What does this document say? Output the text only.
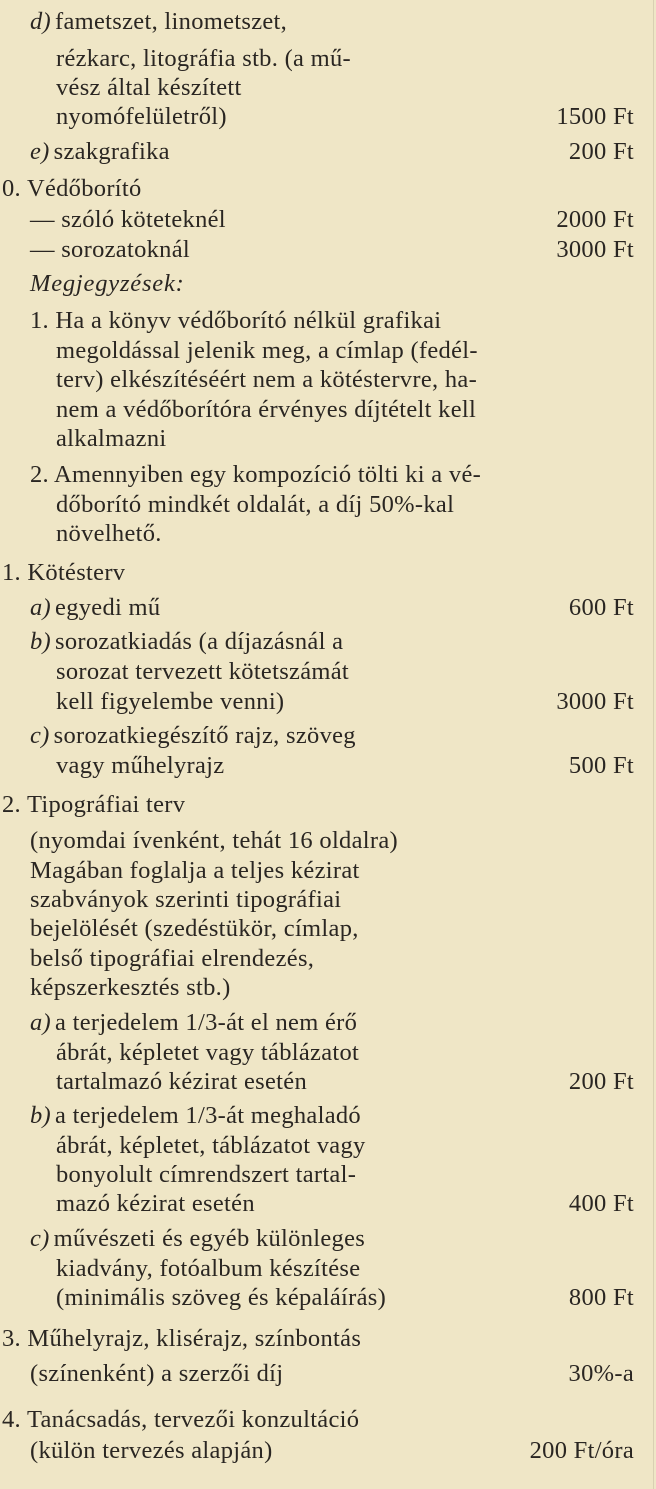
d) fametszet, linometszet,
rézkarc, litográfia stb. (a mű-
vész által készített
nyomófelületről)	1500 Ft
e) szakgrafika	200 Ft
0. Védőborító
— szóló köteteknél	2000 Ft
— sorozatoknál	3000 Ft
Megjegyzések:
1. Ha a könyv védőborító nélkül grafikai
megoldással jelenik meg, a címlap (fedél-
terv) elkészítéséért nem a kötéstervre, ha-
nem a védőborítóra érvényes díjtételt kell
alkalmazni
2. Amennyiben egy kompozíció tölti ki a vé-
dőborító mindkét oldalát, a díj 50%-kal
növelhető.
1. Kötésterv
a) egyedi mű	600 Ft
b) sorozatkiadás (a díjazásnál a
sorozat tervezett kötetszámát
kell figyelembe venni)	3000 Ft
c) sorozatkiegészítő rajz, szöveg
vagy műhelyrajz	500 Ft
2. Tipográfiai terv
(nyomdai ívenként, tehát 16 oldalra)
Magában foglalja a teljes kézirat
szabványok szerinti tipográfiai
bejelölését (szedéstükör, címlap,
belső tipográfiai elrendezés,
képszerkesztés stb.)
a) a terjedelem 1/3-át el nem érő
ábrát, képletet vagy táblázatot
tartalmazó kézirat esetén	200 Ft
b) a terjedelem 1/3-át meghaladó
ábrát, képletet, táblázatot vagy
bonyolult címrendszert tartal-
mazó kézirat esetén	400 Ft
c) művészeti és egyéb különleges
kiadvány, fotóalbum készítése
(minimális szöveg és képaláírás)	800 Ft
3. Műhelyrajz, klisérajz, színbontás
(színenként) a szerzői díj	30%-a
4. Tanácsadás, tervezői konzultáció
(külön tervezés alapján)	200 Ft/óra
